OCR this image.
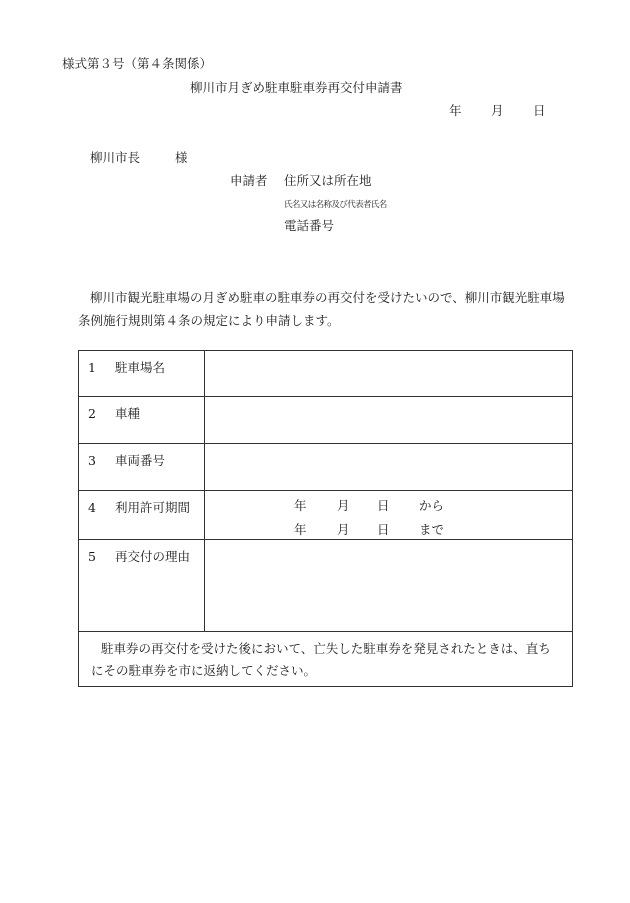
様式第３号（第４条関係）
柳川市月ぎめ駐車駐車券再交付申請書
年 月 日
柳川市長	様
申請者 住所又は所在地
氏名又は名称及び代表者氏名
電話番号
柳川市観光駐車場の月ぎめ駐車の駐車券の再交付を受けたいので、柳川市観光駐車場条例施行規則第４条の規定により申請します。
1 駐車場名
2 車種
3 車両番号
4 利用許可期間	年 月 日 から
年 月 日 まで
5 再交付の理由
駐車券の再交付を受けた後において、亡失した駐車券を発見されたときは、直ちにその駐車券を市に返納してください。
